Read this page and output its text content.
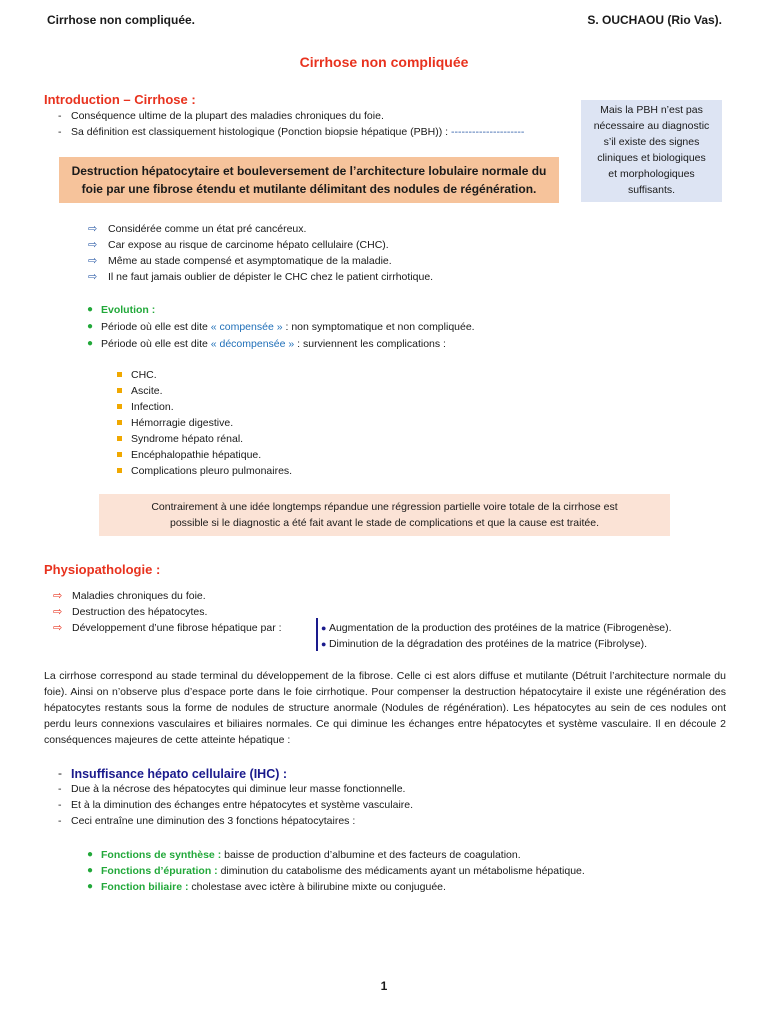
Cirrhose non compliquée.	S. OUCHAOU (Rio Vas).
Cirrhose non compliquée
Introduction – Cirrhose :
- Conséquence ultime de la plupart des maladies chroniques du foie.
- Sa définition est classiquement histologique (Ponction biopsie hépatique (PBH)) : ---------------------
Mais la PBH n’est pas
nécessaire au diagnostic
s’il existe des signes
cliniques et biologiques
et morphologiques
suffisants.
Destruction hépatocytaire et bouleversement de l’architecture lobulaire normale du
foie par une fibrose étendu et mutilante délimitant des nodules de régénération.
⇨ Considérée comme un état pré cancéreux.
⇨ Car expose au risque de carcinome hépato cellulaire (CHC).
⇨ Même au stade compensé et asymptomatique de la maladie.
⇨ Il ne faut jamais oublier de dépister le CHC chez le patient cirrhotique.
● Evolution :
● Période où elle est dite « compensée » : non symptomatique et non compliquée.
● Période où elle est dite « décompensée » : surviennent les complications :
CHC.
Ascite.
Infection.
Hémorragie digestive.
Syndrome hépato rénal.
Encéphalopathie hépatique.
Complications pleuro pulmonaires.
Contrairement à une idée longtemps répandue une régression partielle voire totale de la cirrhose est
possible si le diagnostic a été fait avant le stade de complications et que la cause est traitée.
Physiopathologie :
⇨ Maladies chroniques du foie.
⇨ Destruction des hépatocytes.
⇨ Développement d’une fibrose hépatique par :	● Augmentation de la production des protéines de la matrice (Fibrogenèse).
● Diminution de la dégradation des protéines de la matrice (Fibrolyse).
La cirrhose correspond au stade terminal du développement de la fibrose. Celle ci est alors diffuse et mutilante (Détruit l’architecture normale du foie). Ainsi on n’observe plus d’espace porte dans le foie cirrhotique. Pour compenser la destruction hépatocytaire il existe une régénération des hépatocytes restants sous la forme de nodules de structure anormale (Nodules de régénération). Les hépatocytes au sein de ces nodules ont perdu leurs connexions vasculaires et biliaires normales. Ce qui diminue les échanges entre hépatocytes et système vasculaire. Il en découle 2 conséquences majeures de cette atteinte hépatique :
- Insuffisance hépato cellulaire (IHC) :
- Due à la nécrose des hépatocytes qui diminue leur masse fonctionnelle.
- Et à la diminution des échanges entre hépatocytes et système vasculaire.
- Ceci entraîne une diminution des 3 fonctions hépatocytaires :
● Fonctions de synthèse : baisse de production d’albumine et des facteurs de coagulation.
● Fonctions d’épuration : diminution du catabolisme des médicaments ayant un métabolisme hépatique.
● Fonction biliaire : cholestase avec ictère à bilirubine mixte ou conjuguée.
1
